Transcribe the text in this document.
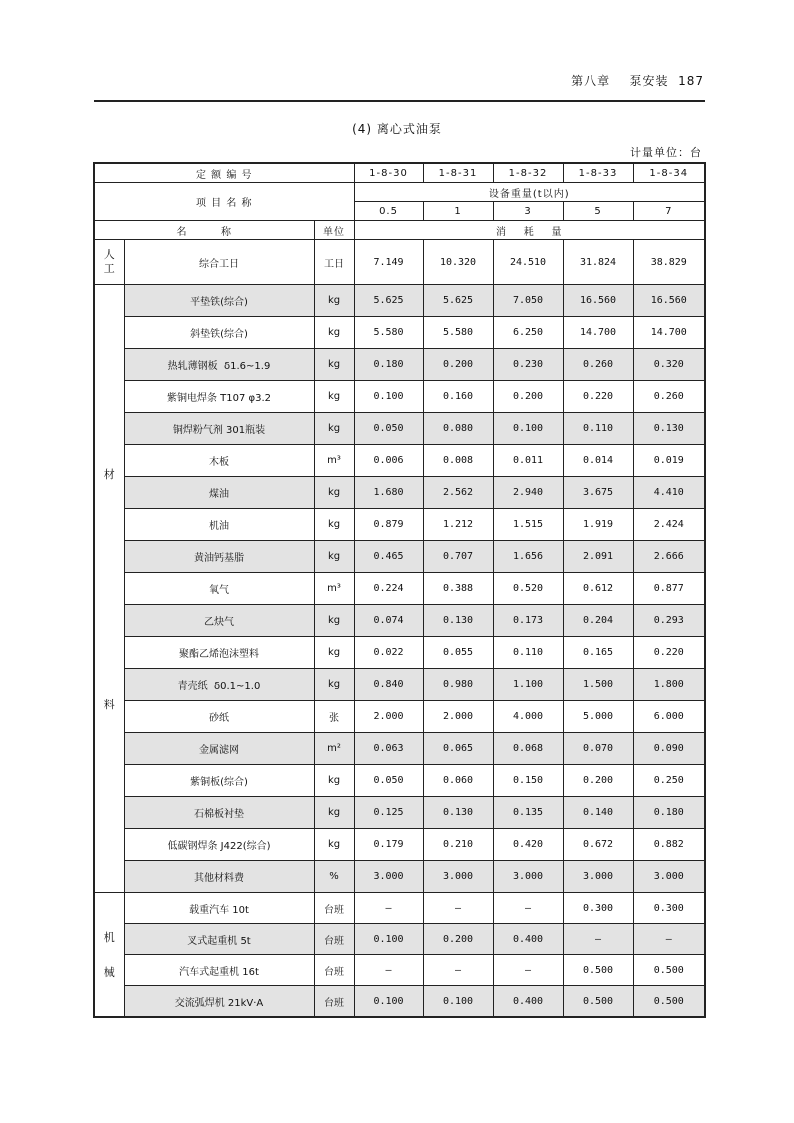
第八章 泵安装 187
(4) 离心式油泵
计量单位：台
定 额 编 号			1-8-30	1-8-31	1-8-32	1-8-33	1-8-34
项 目 名 称			设备重量(t以内)				
			0.5	1	3	5	7
名        称		单位	消    耗    量				
人
工	综合工日	工日	7.149	10.320	24.510	31.824	38.829

材
料	平垫铁(综合)	kg	5.625	5.625	7.050	16.560	16.560
	斜垫铁(综合)	kg	5.580	5.580	6.250	14.700	14.700
	热轧薄钢板  δ1.6~1.9	kg	0.180	0.200	0.230	0.260	0.320
	紫铜电焊条 T107 φ3.2	kg	0.100	0.160	0.200	0.220	0.260
	铜焊粉气剂 301瓶装	kg	0.050	0.080	0.100	0.110	0.130
	木板	m³	0.006	0.008	0.011	0.014	0.019
	煤油	kg	1.680	2.562	2.940	3.675	4.410
	机油	kg	0.879	1.212	1.515	1.919	2.424
	黄油钙基脂	kg	0.465	0.707	1.656	2.091	2.666
	氧气	m³	0.224	0.388	0.520	0.612	0.877
	乙炔气	kg	0.074	0.130	0.173	0.204	0.293
	聚酯乙烯泡沫塑料	kg	0.022	0.055	0.110	0.165	0.220
	青壳纸  δ0.1~1.0	kg	0.840	0.980	1.100	1.500	1.800
	砂纸	张	2.000	2.000	4.000	5.000	6.000
	金属滤网	m²	0.063	0.065	0.068	0.070	0.090
	紫铜板(综合)	kg	0.050	0.060	0.150	0.200	0.250
	石棉板衬垫	kg	0.125	0.130	0.135	0.140	0.180
	低碳钢焊条 J422(综合)	kg	0.179	0.210	0.420	0.672	0.882
	其他材料费	%	3.000	3.000	3.000	3.000	3.000

机
械	载重汽车 10t	台班	—	—	—	0.300	0.300
	叉式起重机 5t	台班	0.100	0.200	0.400	—	—
	汽车式起重机 16t	台班	—	—	—	0.500	0.500
	交流弧焊机 21kV·A	台班	0.100	0.100	0.400	0.500	0.500
